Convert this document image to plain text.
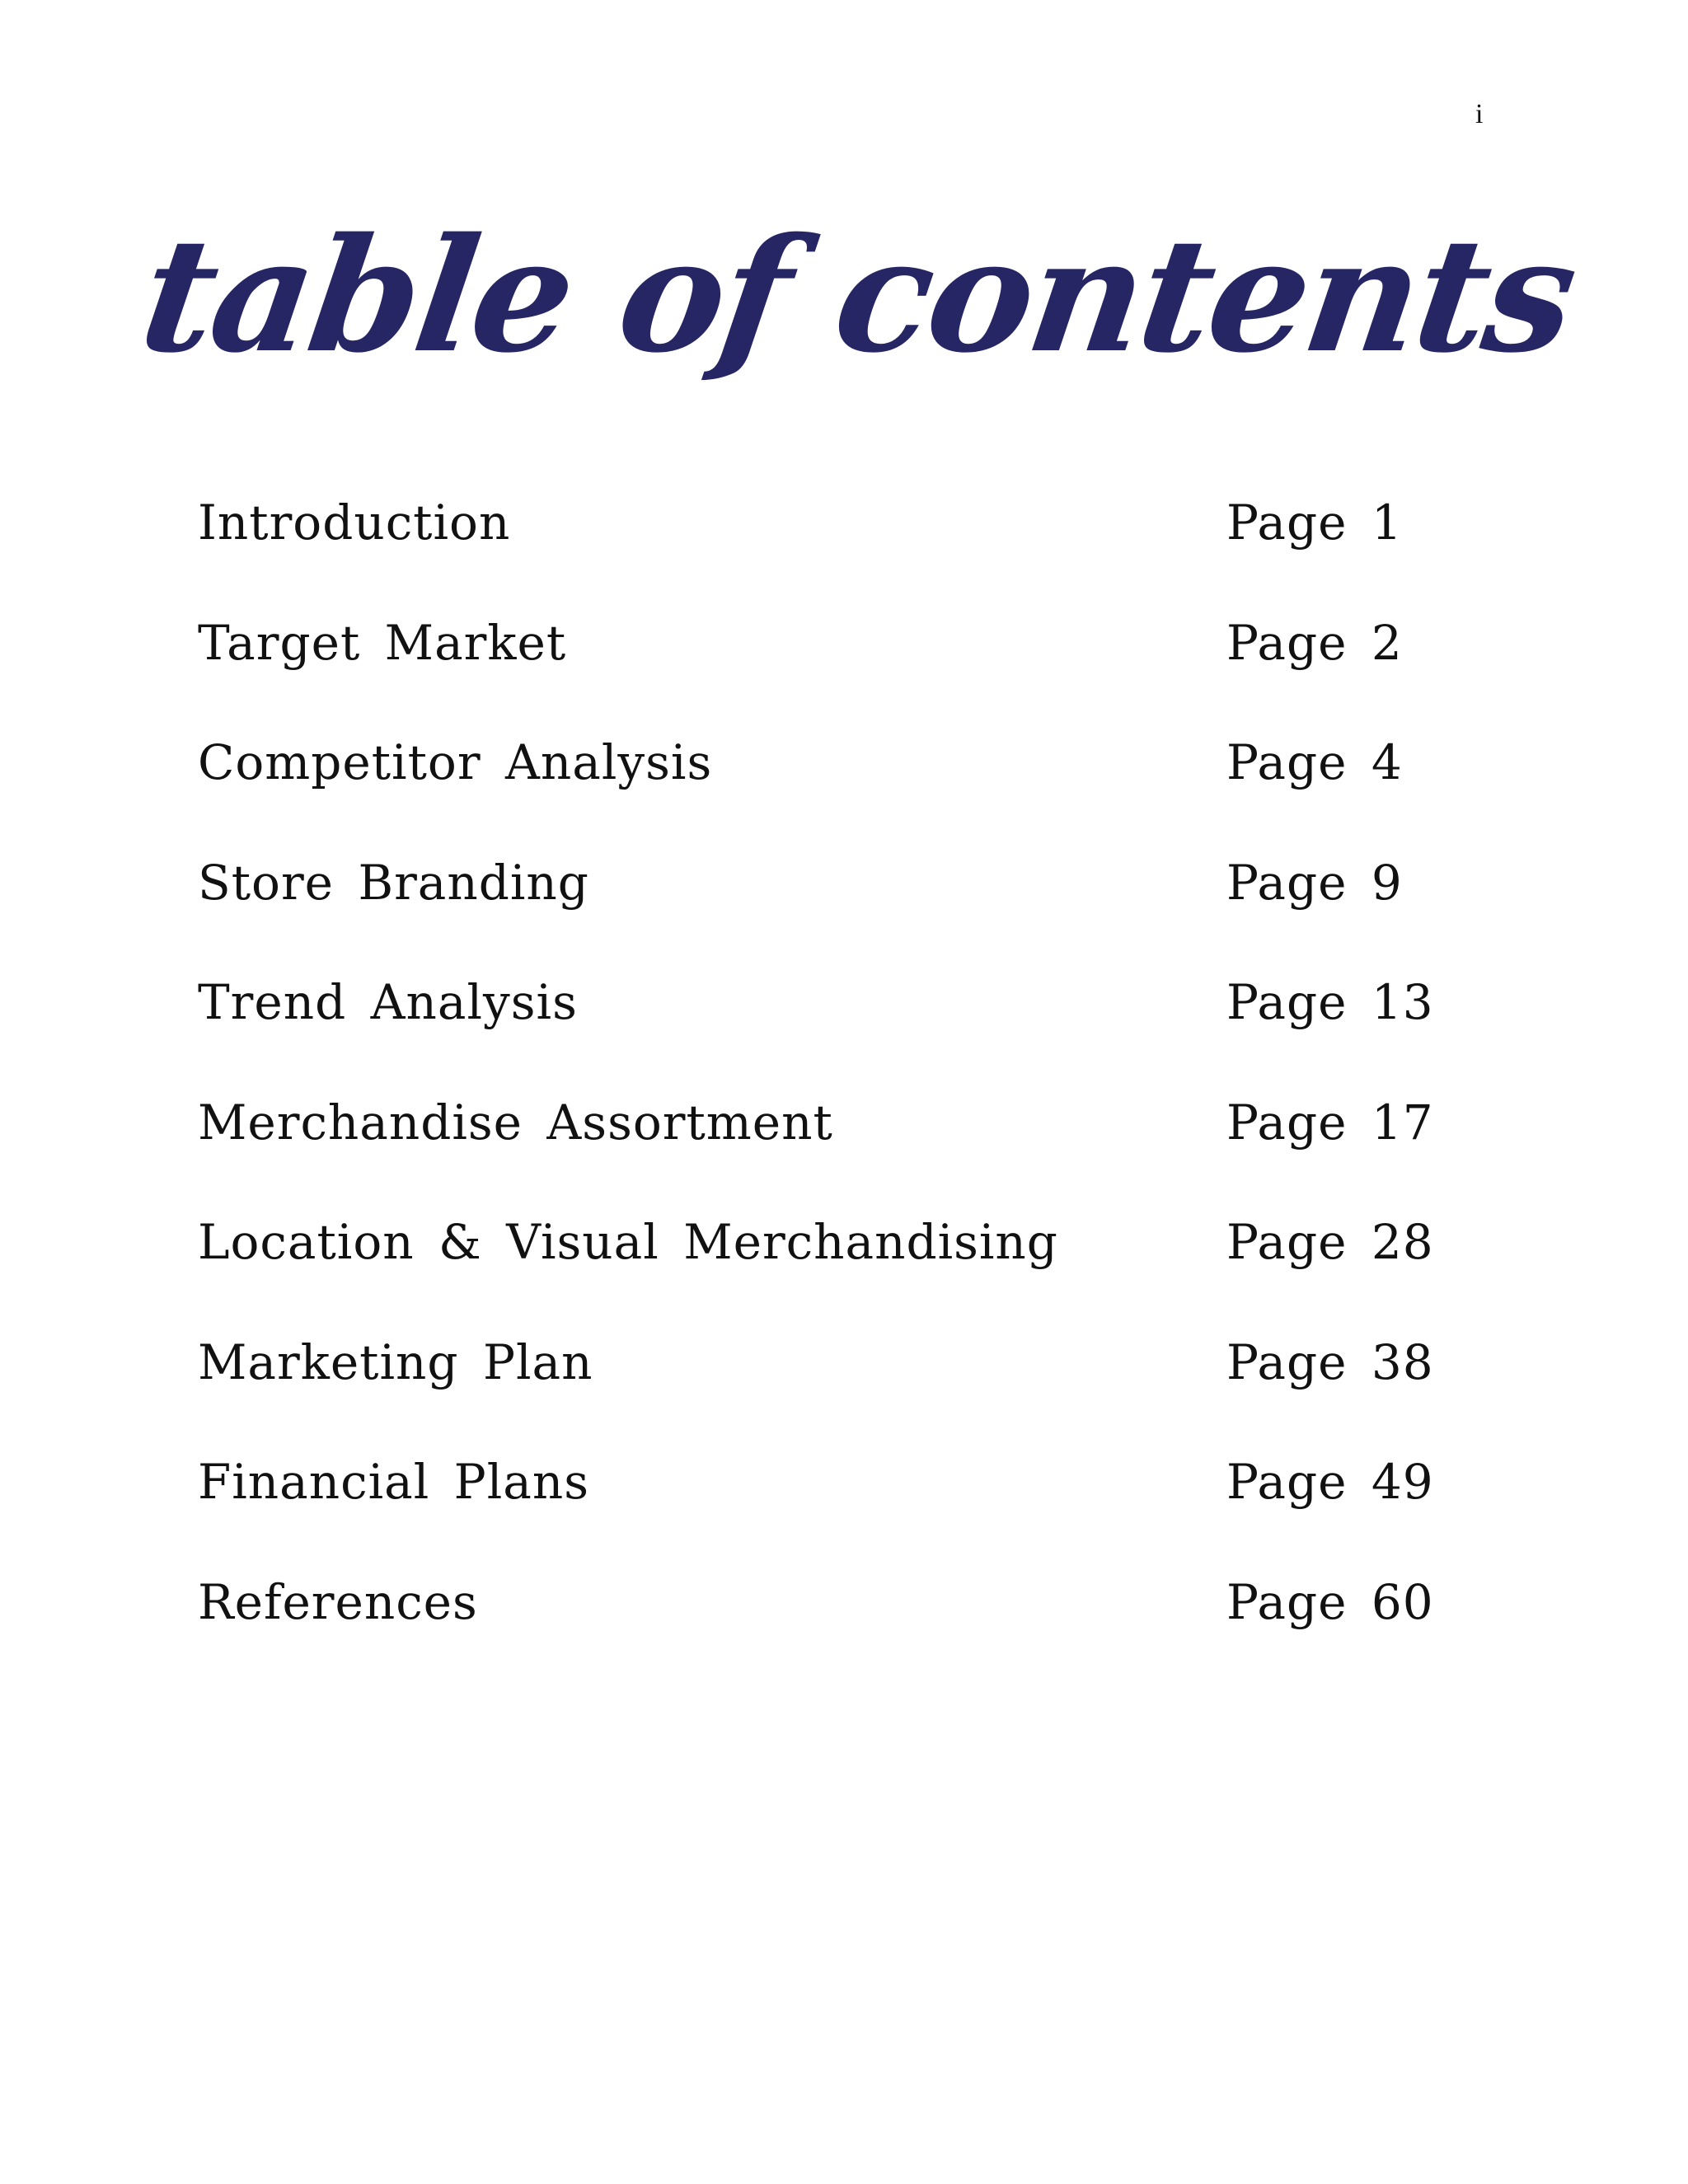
i
table of contents
Introduction	Page 1
Target Market	Page 2
Competitor Analysis	Page 4
Store Branding	Page 9
Trend Analysis	Page 13
Merchandise Assortment	Page 17
Location & Visual Merchandising	Page 28
Marketing Plan	Page 38
Financial Plans	Page 49
References	Page 60
